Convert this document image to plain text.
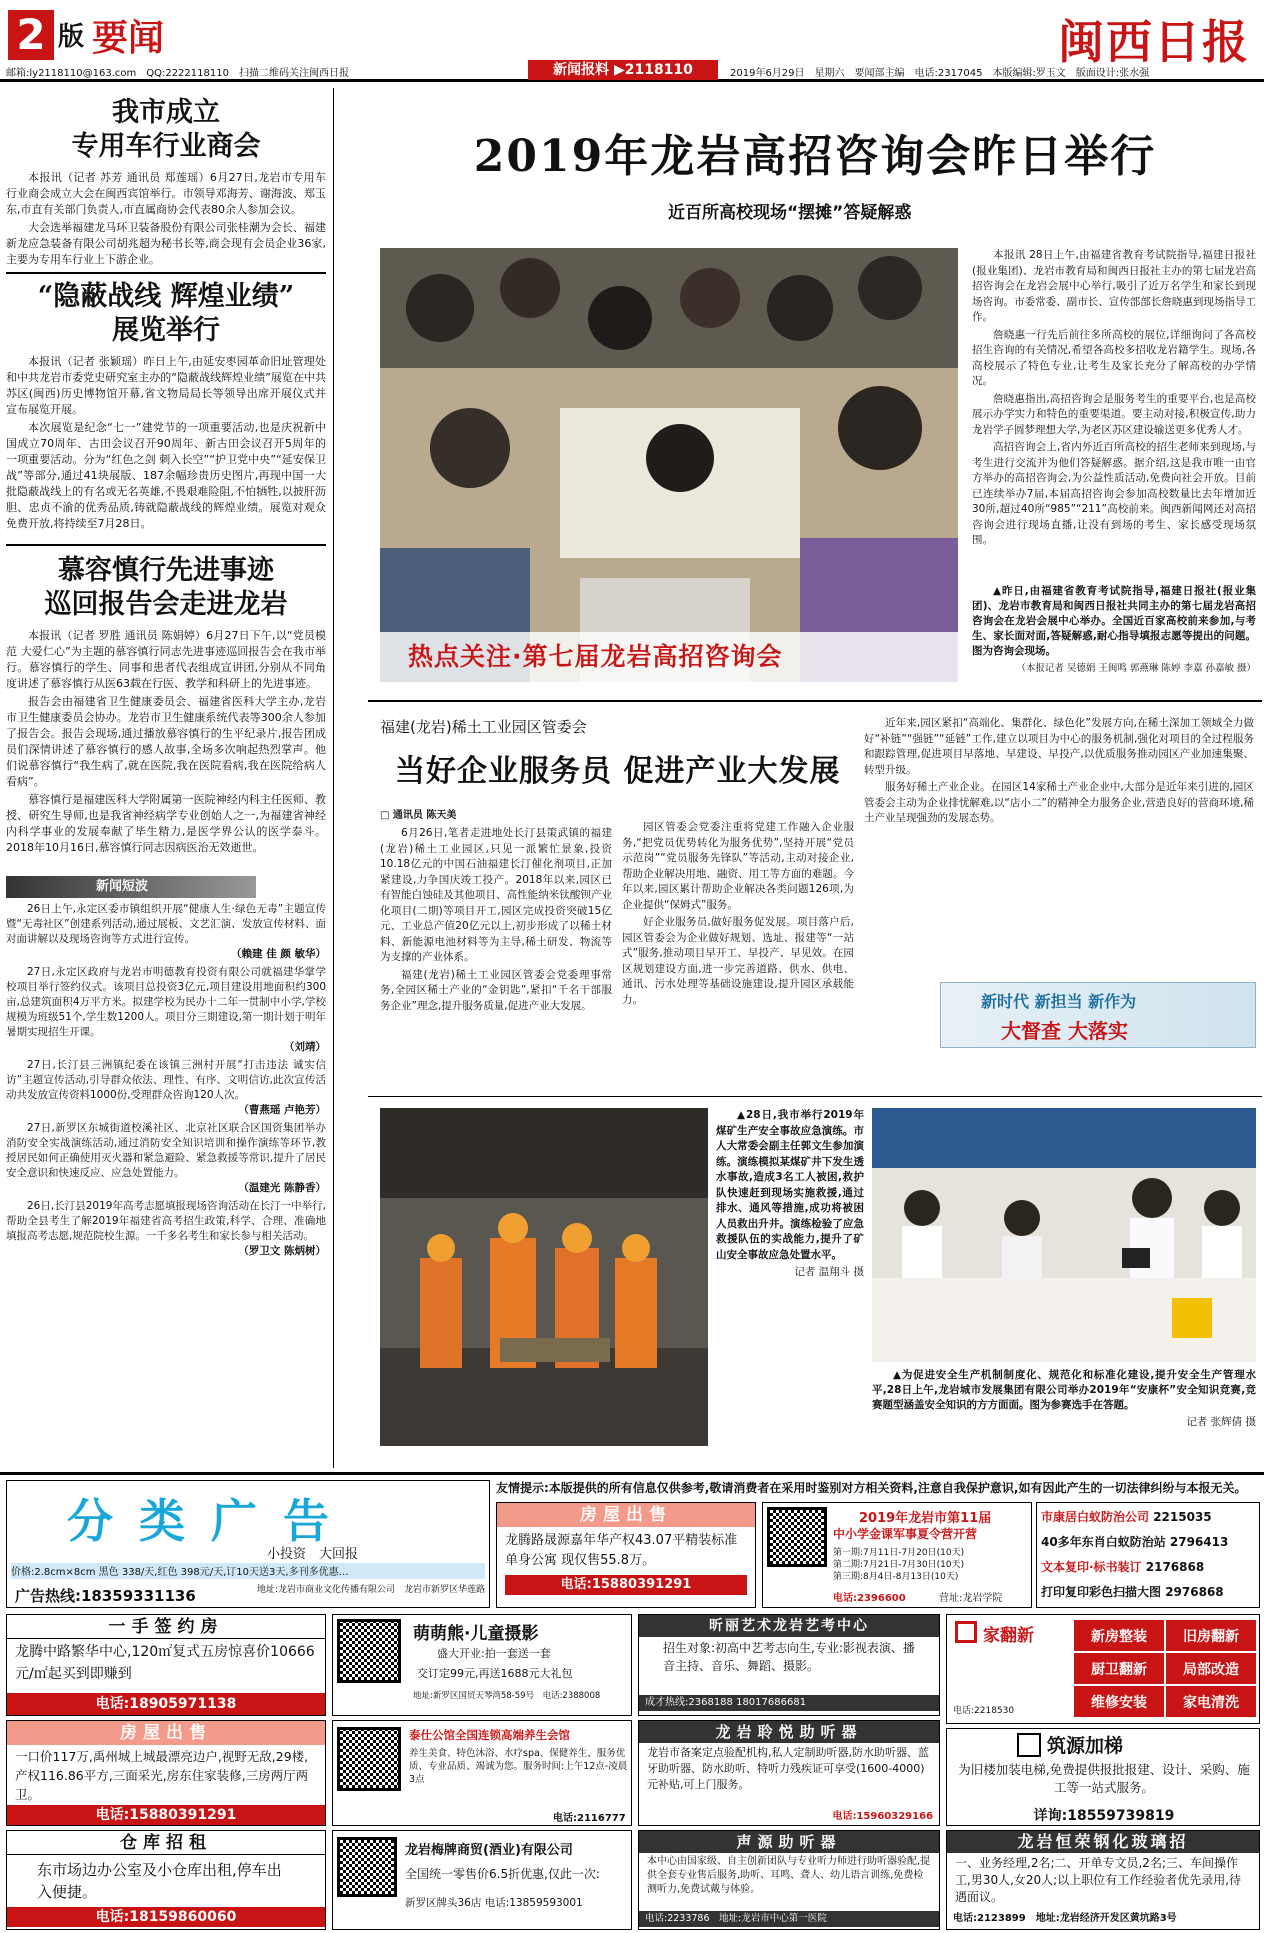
2 版 要闻	闽西日报
邮箱:ly2118110@163.com　QQ:2222118110　扫描二维码关注闽西日报	新闻报料 ▶2118110	2019年6月29日　星期六　要闻部主编　电话:2317045　本版编辑:罗玉文　版面设计:张水强
我市成立
专用车行业商会

本报讯（记者 苏芳 通讯员 郑莲瑶）6月27日,龙岩市专用车行业商会成立大会在闽西宾馆举行。市领导邓海芳、谢海波、郑玉东,市直有关部门负责人,市直属商协会代表80余人参加会议。

大会选举福建龙马环卫装备股份有限公司张桂潮为会长、福建新龙应急装备有限公司胡兆超为秘书长等,商会现有会员企业36家,主要为专用车行业上下游企业。

“隐蔽战线 辉煌业绩”
展览举行

本报讯（记者 张颖瑶）昨日上午,由延安枣园革命旧址管理处和中共龙岩市委党史研究室主办的“隐蔽战线辉煌业绩”展览在中共苏区(闽西)历史博物馆开幕,省文物局局长等领导出席开展仪式并宣布展览开展。

本次展览是纪念“七一”建党节的一项重要活动,也是庆祝新中国成立70周年、古田会议召开90周年、新古田会议召开5周年的一项重要活动。分为“红色之剑 刺入长空”“护卫党中央”“延安保卫战”等部分,通过41块展版、187余幅珍贵历史图片,再现中国一大批隐蔽战线上的有名或无名英雄,不畏艰难险阻,不怕牺牲,以披肝沥胆、忠贞不渝的优秀品质,铸就隐蔽战线的辉煌业绩。展览对观众免费开放,将持续至7月28日。

慕容慎行先进事迹
巡回报告会走进龙岩

本报讯（记者 罗胜 通讯员 陈娟婷）6月27日下午,以“党员模范 大爱仁心”为主题的慕容慎行同志先进事迹巡回报告会在我市举行。慕容慎行的学生、同事和患者代表组成宣讲团,分别从不同角度讲述了慕容慎行从医63载在行医、教学和科研上的先进事迹。

报告会由福建省卫生健康委员会、福建省医科大学主办,龙岩市卫生健康委员会协办。龙岩市卫生健康系统代表等300余人参加了报告会。报告会现场,通过播放慕容慎行的生平纪录片,报告团成员们深情讲述了慕容慎行的感人故事,全场多次响起热烈掌声。他们说慕容慎行“我生病了,就在医院,我在医院看病,我在医院给病人看病”。

慕容慎行是福建医科大学附属第一医院神经内科主任医师、教授、研究生导师,也是我省神经病学专业创始人之一,为福建省神经内科学事业的发展奉献了毕生精力,是医学界公认的医学泰斗。2018年10月16日,慕容慎行同志因病医治无效逝世。

新闻短波

26日上午,永定区委市镇组织开展“健康人生·绿色无毒”主题宣传暨“无毒社区”创建系列活动,通过展板、文艺汇演、发放宣传材料、面对面讲解以及现场咨询等方式进行宣传。
（赖建 佳 颜 敏华）

27日,永定区政府与龙岩市明德教育投资有限公司就福建华掌学校项目举行签约仪式。该项目总投资3亿元,项目建设用地面积约300亩,总建筑面积4万平方米。拟建学校为民办十二年一贯制中小学,学校规模为班级51个,学生数1200人。项目分三期建设,第一期计划于明年暑期实现招生开课。
（刘靖）

27日,长汀县三洲镇纪委在该镇三洲村开展“打击违法 诚实信访”主题宣传活动,引导群众依法、理性、有序、文明信访,此次宣传活动共发放宣传资料1000份,受理群众咨询120人次。
（曹燕瑶 卢艳芳）

27日,新罗区东城街道校溪社区、北京社区联合区国资集团举办消防安全实战演练活动,通过消防安全知识培训和操作演练等环节,教授居民如何正确使用灭火器和紧急避险、紧急救援等常识,提升了居民安全意识和快速反应、应急处置能力。
（温建光 陈静香）

26日,长汀县2019年高考志愿填报现场咨询活动在长汀一中举行,帮助全县考生了解2019年福建省高考招生政策,科学、合理、准确地填报高考志愿,规范院校生源。一千多名考生和家长参与相关活动。
（罗卫文 陈炳树）

2019年龙岩高招咨询会昨日举行
近百所高校现场“摆摊”答疑解惑
热点关注·第七届龙岩高招咨询会

本报讯 28日上午,由福建省教育考试院指导,福建日报社(报业集团)、龙岩市教育局和闽西日报社主办的第七届龙岩高招咨询会在龙岩会展中心举行,吸引了近万名学生和家长到现场咨询。市委常委、副市长、宣传部部长詹晓惠到现场指导工作。

詹晓惠一行先后前往多所高校的展位,详细询问了各高校招生咨询的有关情况,希望各高校多招收龙岩籍学生。现场,各高校展示了特色专业,让考生及家长充分了解高校的办学情况。

詹晓惠指出,高招咨询会是服务考生的重要平台,也是高校展示办学实力和特色的重要渠道。要主动对接,积极宣传,助力龙岩学子圆梦理想大学,为老区苏区建设输送更多优秀人才。

高招咨询会上,省内外近百所高校的招生老师来到现场,与考生进行交流并为他们答疑解惑。据介绍,这是我市唯一由官方举办的高招咨询会,为公益性质活动,免费向社会开放。目前已连续举办7届,本届高招咨询会参加高校数量比去年增加近30所,超过40所“985”“211”高校前来。闽西新闻网还对高招咨询会进行现场直播,让没有到场的考生、家长感受现场氛围。

▲昨日,由福建省教育考试院指导,福建日报社(报业集团)、龙岩市教育局和闽西日报社共同主办的第七届龙岩高招咨询会在龙岩会展中心举办。全国近百家高校前来参加,与考生、家长面对面,答疑解惑,耐心指导填报志愿等提出的问题。图为咨询会现场。

（本报记者 吴德娟 王闽鸣 郭燕琳 陈婷 李嘉 孙嘉敏 摄）
福建(龙岩)稀土工业园区管委会
当好企业服务员 促进产业大发展
□ 通讯员 陈天美

6月26日,笔者走进地处长汀县策武镇的福建(龙岩)稀土工业园区,只见一派繁忙景象,投资10.18亿元的中国石油福建长汀催化剂项目,正加紧建设,力争国庆竣工投产。2018年以来,园区已有智能白蚀硅及其他项目、高性能纳米钛酸钡产业化项目(二期)等项目开工,园区完成投资突破15亿元、工业总产值20亿元以上,初步形成了以稀土材料、新能源电池材料等为主导,稀土研发、物流等为支撑的产业体系。

福建(龙岩)稀土工业园区管委会党委理事常务,全园区稀土产业的“金钥匙”,紧扣“千名干部服务企业”理念,提升服务质量,促进产业大发展。

园区管委会党委注重将党建工作融入企业服务,“把党员优势转化为服务优势”,坚持开展“党员示范岗”“党员服务先锋队”等活动,主动对接企业,帮助企业解决用地、融资、用工等方面的难题。今年以来,园区累计帮助企业解决各类问题126项,为企业提供“保姆式”服务。

好企业服务员,做好服务促发展。项目落户后,园区管委会为企业做好规划、选址、报建等“一站式”服务,推动项目早开工、早投产、早见效。在园区规划建设方面,进一步完善道路、供水、供电、通讯、污水处理等基础设施建设,提升园区承载能力。

近年来,园区紧扣“高端化、集群化、绿色化”发展方向,在稀土深加工领域全力做好“补链”“强链”“延链”工作,建立以项目为中心的服务机制,强化对项目的全过程服务和跟踪管理,促进项目早落地、早建设、早投产,以优质服务推动园区产业加速集聚、转型升级。

服务好稀土产业企业。在园区14家稀土产业企业中,大部分是近年来引进的,园区管委会主动为企业排忧解难,以“店小二”的精神全力服务企业,营造良好的营商环境,稀土产业呈现强劲的发展态势。

新时代 新担当 新作为
大督查 大落实

▲28日,我市举行2019年煤矿生产安全事故应急演练。市人大常委会副主任郭文生参加演练。演练模拟某煤矿井下发生透水事故,造成3名工人被困,救护队快速赶到现场实施救援,通过排水、通风等措施,成功将被困人员救出升井。演练检验了应急救援队伍的实战能力,提升了矿山安全事故应急处置水平。

记者 温翔斗 摄

▲为促进安全生产机制制度化、规范化和标准化建设,提升安全生产管理水平,28日上午,龙岩城市发展集团有限公司举办2019年“安康杯”安全知识竞赛,竞赛题型涵盖安全知识的方方面面。图为参赛选手在答题。

记者 张辉倩 摄
分类广告
小投资　大回报
价格:2.8cm×8cm 黑色 338/天,红色 398元/天,订10天送3天,多刊多优惠…
广告热线:18359331136	地址:龙岩市商业文化传播有限公司　龙岩市新罗区华莲路
友情提示:本版提供的所有信息仅供参考,敬请消费者在采用时鉴别对方相关资料,注意自我保护意识,如有因此产生的一切法律纠纷与本报无关。
房屋出售
龙腾路晟源嘉年华产权43.07平精装标准单身公寓 现仅售55.8万。
电话:15880391291
2019年龙岩市第11届
中小学金课军事夏令营开营
第一期:7月11日-7月20日(10天)
第二期:7月21日-7月30日(10天)
第三期:8月4日-8月13日(10天)
电话:2396600	营址:龙岩学院
市康居白蚁防治公司 2215035
40多年东肖白蚁防治站 2796413
文本复印·标书装订 2176868
打印复印彩色扫描大图 2976868
一手签约房
龙腾中路繁华中心,120㎡复式五房惊喜价10666元/㎡起买到即赚到
电话:18905971138
房屋出售
一口价117万,禹州城上城最漂亮边户,视野无敌,29楼,产权116.86平方,三面采光,房东住家装修,三房两厅两卫。
电话:15880391291
仓库招租
东市场边办公室及小仓库出租,停车出入便捷。
电话:18159860060
萌萌熊·儿童摄影
盛大开业:拍一套送一套
交订定99元,再送1688元大礼包
地址:新罗区国贸天琴湾58-59号　电话:2388008
泰仕公馆全国连锁高端养生会馆
养生美食、特色沐浴、水疗spa、保健养生、服务优质、专业品质、竭诚为您。服务时间:上午12点-凌晨3点
电话:2116777
龙岩梅牌商贸(酒业)有限公司
全国统一零售价6.5折优惠,仅此一次:
新罗区牌头36店 电话:13859593001
昕丽艺术龙岩艺考中心
招生对象:初高中艺考志向生,专业:影视表演、播音主持、音乐、舞蹈、摄影。
成才热线:2368188 18017686681
龙岩聆悦助听器
龙岩市备案定点验配机构,私人定制助听器,防水助听器、蓝牙助听器、防水助听、特听力残疾证可享受(1600-4000)元补贴,可上门服务。
电话:15960329166
声源助听器
本中心由国家级、自主创新团队与专业听力师进行助听器验配,提供全套专业售后服务,助听、耳鸣、聋人、幼儿语言训练,免费检测听力,免费试戴与体验。
电话:2233786　地址:龙岩市中心第一医院
家翻新
电话:2218530
新房整装	旧房翻新
厨卫翻新	局部改造
维修安装	家电清洗
筑源加梯
为旧楼加装电梯,免费提供报批报建、设计、采购、施工等一站式服务。
详询:18559739819
龙岩恒荣钢化玻璃招
一、业务经理,2名;二、开单专文员,2名;三、车间操作工,男30人,女20人;以上职位有工作经验者优先录用,待遇面议。
电话:2123899　地址:龙岩经济开发区黄坑路3号
